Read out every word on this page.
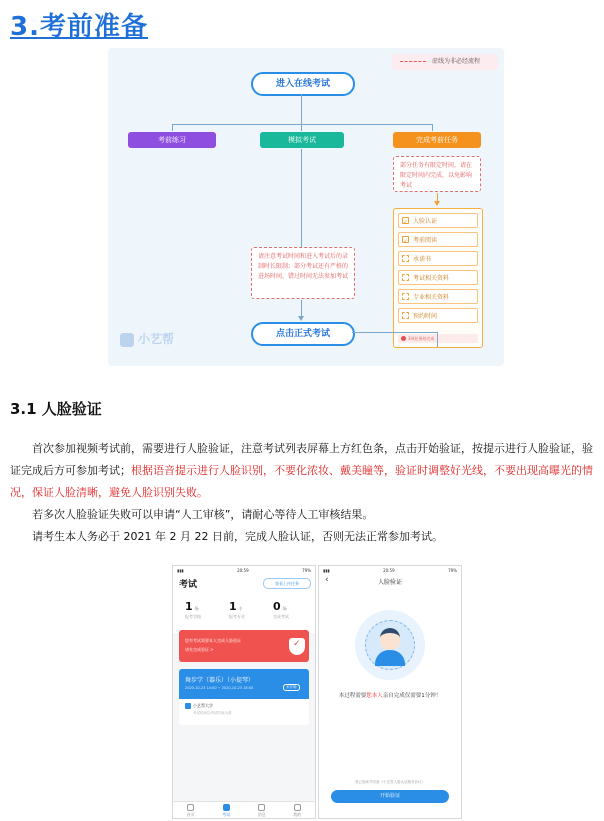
3.考前准备
虚线为非必经流程
进入在线考试
考前练习	模拟考试	完成考前任务
部分任务有限定时间，请在限定时间内完成，以免影响考试
✓
人脸认证
✓
考前阅读
承诺书
考试相关资料
专业相关资料
预约时间
3项任务待完成
请注意考试时间和进入考试后的录制时长限制；部分考试还有严格的进场时间，错过时间无法参加考试
点击正式考试
小艺帮
3.1 人脸验证
首次参加视频考试前，需要进行人脸验证，注意考试列表屏幕上方红色条，点击开始验证，按提示进行人脸验证，验证完成后方可参加考试；根据语音提示进行人脸识别，不要化浓妆、戴美瞳等，验证时调整好光线，不要出现高曝光的情况，保证人脸清晰，避免人脸识别失败。
若多次人脸验证失败可以申请“人工审核”，请耐心等待人工审核结果。
请考生本人务必于 2021 年 2 月 22 日前，完成人脸认证，否则无法正常参加考试。
▮▮▮	20:59	79%
考试	查看上传任务
1 场
报考学校
1 个
报考专业
0 场
完成考试
您有考试需要本人完成人脸验证
请先完成验证 >
✓
舞步学（器乐）（小提琴）
2020-10-23 14:00 ~ 2020-10-23 18:00	未开始
小艺帮大学
考试时间以考试时间为准
首页	考试	消息	我的
▮▮▮	20:59	79%
‹	人脸验证
本过程需要您本人亲自完成仅需要1分钟！
我已阅读并同意《小艺帮人脸认证服务协议》
开始验证
